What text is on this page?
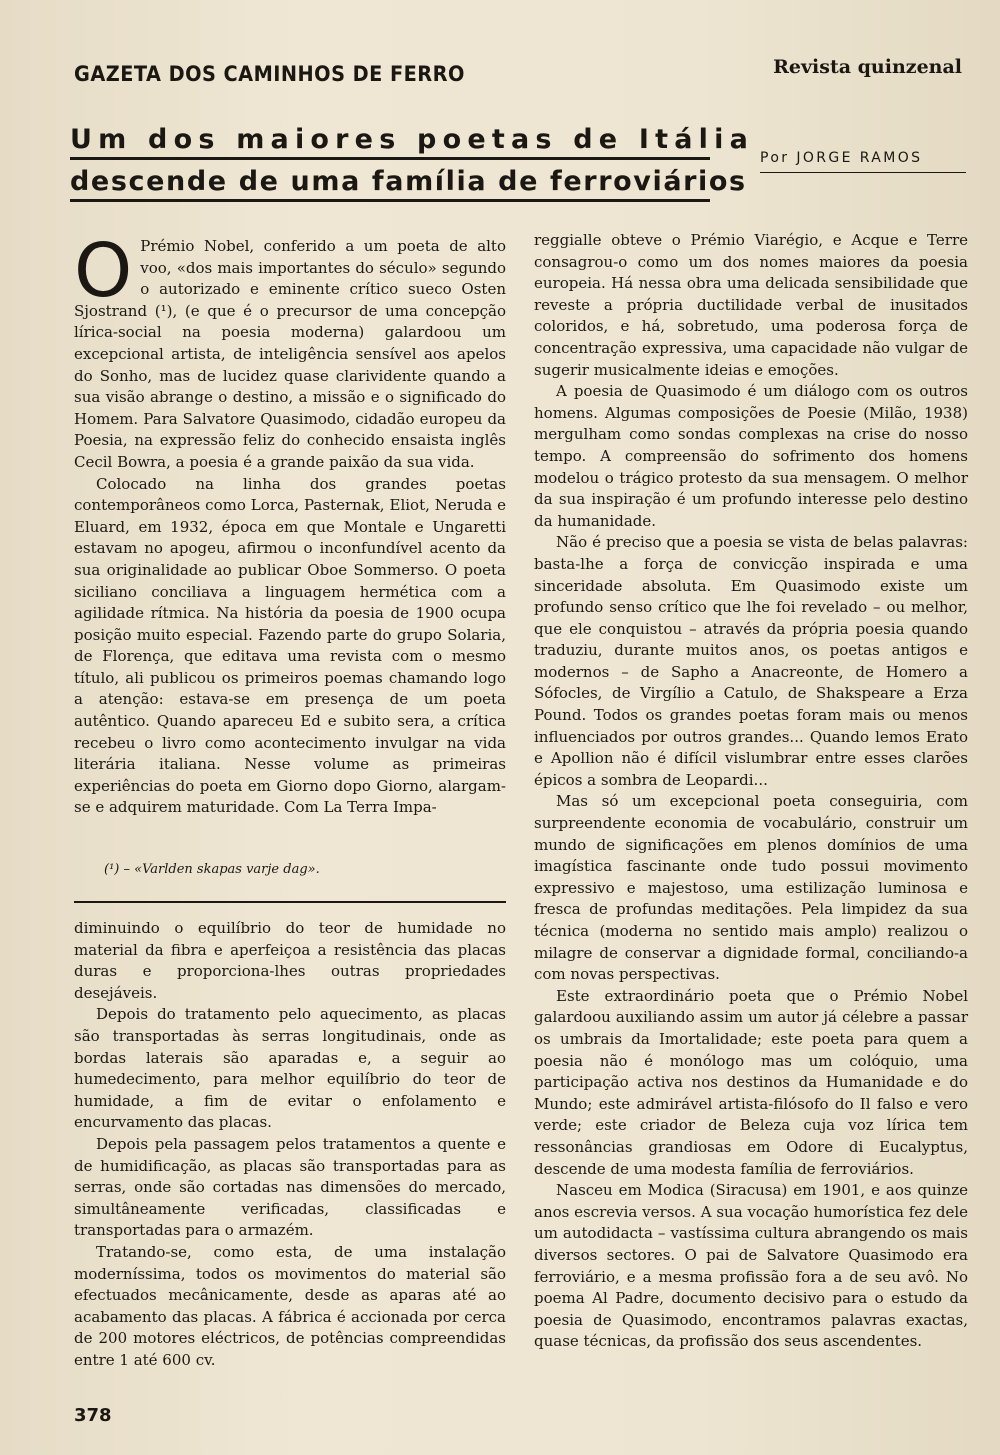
GAZETA DOS CAMINHOS DE FERRO	Revista quinzenal
Um dos maiores poetas de Itália
descende de uma família de ferroviários
Por JORGE RAMOS
O Prémio Nobel, conferido a um poeta de alto voo, «dos mais importantes do século» segundo o autorizado e eminente crítico sueco Osten Sjostrand (¹), (e que é o precursor de uma concepção lírica-social na poesia moderna) galardoou um excepcional artista, de inteligência sensível aos apelos do Sonho, mas de lucidez quase clarividente quando a sua visão abrange o destino, a missão e o significado do Homem. Para Salvatore Quasimodo, cidadão europeu da Poesia, na expressão feliz do conhecido ensaista inglês Cecil Bowra, a poesia é a grande paixão da sua vida.

Colocado na linha dos grandes poetas contemporâneos como Lorca, Pasternak, Eliot, Neruda e Eluard, em 1932, época em que Montale e Ungaretti estavam no apogeu, afirmou o inconfundível acento da sua originalidade ao publicar Oboe Sommerso. O poeta siciliano conciliava a linguagem hermética com a agilidade rítmica. Na história da poesia de 1900 ocupa posição muito especial. Fazendo parte do grupo Solaria, de Florença, que editava uma revista com o mesmo título, ali publicou os primeiros poemas chamando logo a atenção: estava-se em presença de um poeta autêntico. Quando apareceu Ed e subito sera, a crítica recebeu o livro como acontecimento invulgar na vida literária italiana. Nesse volume as primeiras experiências do poeta em Giorno dopo Giorno, alargam-se e adquirem maturidade. Com La Terra Impa-

(¹) – «Varlden skapas varje dag».

diminuindo o equilíbrio do teor de humidade no material da fibra e aperfeiçoa a resistência das placas duras e proporciona-lhes outras propriedades desejáveis.

Depois do tratamento pelo aquecimento, as placas são transportadas às serras longitudinais, onde as bordas laterais são aparadas e, a seguir ao humedecimento, para melhor equilíbrio do teor de humidade, a fim de evitar o enfolamento e encurvamento das placas.

Depois pela passagem pelos tratamentos a quente e de humidificação, as placas são transportadas para as serras, onde são cortadas nas dimensões do mercado, simultâneamente verificadas, classificadas e transportadas para o armazém.

Tratando-se, como esta, de uma instalação moderníssima, todos os movimentos do material são efectuados mecânicamente, desde as aparas até ao acabamento das placas. A fábrica é accionada por cerca de 200 motores eléctricos, de potências compreendidas entre 1 até 600 cv.

reggialle obteve o Prémio Viarégio, e Acque e Terre consagrou-o como um dos nomes maiores da poesia europeia. Há nessa obra uma delicada sensibilidade que reveste a própria ductilidade verbal de inusitados coloridos, e há, sobretudo, uma poderosa força de concentração expressiva, uma capacidade não vulgar de sugerir musicalmente ideias e emoções.

A poesia de Quasimodo é um diálogo com os outros homens. Algumas composições de Poesie (Milão, 1938) mergulham como sondas complexas na crise do nosso tempo. A compreensão do sofrimento dos homens modelou o trágico protesto da sua mensagem. O melhor da sua inspiração é um profundo interesse pelo destino da humanidade.

Não é preciso que a poesia se vista de belas palavras: basta-lhe a força de convicção inspirada e uma sinceridade absoluta. Em Quasimodo existe um profundo senso crítico que lhe foi revelado – ou melhor, que ele conquistou – através da própria poesia quando traduziu, durante muitos anos, os poetas antigos e modernos – de Sapho a Anacreonte, de Homero a Sófocles, de Virgílio a Catulo, de Shakspeare a Erza Pound. Todos os grandes poetas foram mais ou menos influenciados por outros grandes... Quando lemos Erato e Apollion não é difícil vislumbrar entre esses clarões épicos a sombra de Leopardi...

Mas só um excepcional poeta conseguiria, com surpreendente economia de vocabulário, construir um mundo de significações em plenos domínios de uma imagística fascinante onde tudo possui movimento expressivo e majestoso, uma estilização luminosa e fresca de profundas meditações. Pela limpidez da sua técnica (moderna no sentido mais amplo) realizou o milagre de conservar a dignidade formal, conciliando-a com novas perspectivas.

Este extraordinário poeta que o Prémio Nobel galardoou auxiliando assim um autor já célebre a passar os umbrais da Imortalidade; este poeta para quem a poesia não é monólogo mas um colóquio, uma participação activa nos destinos da Humanidade e do Mundo; este admirável artista-filósofo do Il falso e vero verde; este criador de Beleza cuja voz lírica tem ressonâncias grandiosas em Odore di Eucalyptus, descende de uma modesta família de ferroviários.

Nasceu em Modica (Siracusa) em 1901, e aos quinze anos escrevia versos. A sua vocação humorística fez dele um autodidacta – vastíssima cultura abrangendo os mais diversos sectores. O pai de Salvatore Quasimodo era ferroviário, e a mesma profissão fora a de seu avô. No poema Al Padre, documento decisivo para o estudo da poesia de Quasimodo, encontramos palavras exactas, quase técnicas, da profissão dos seus ascendentes.

378
